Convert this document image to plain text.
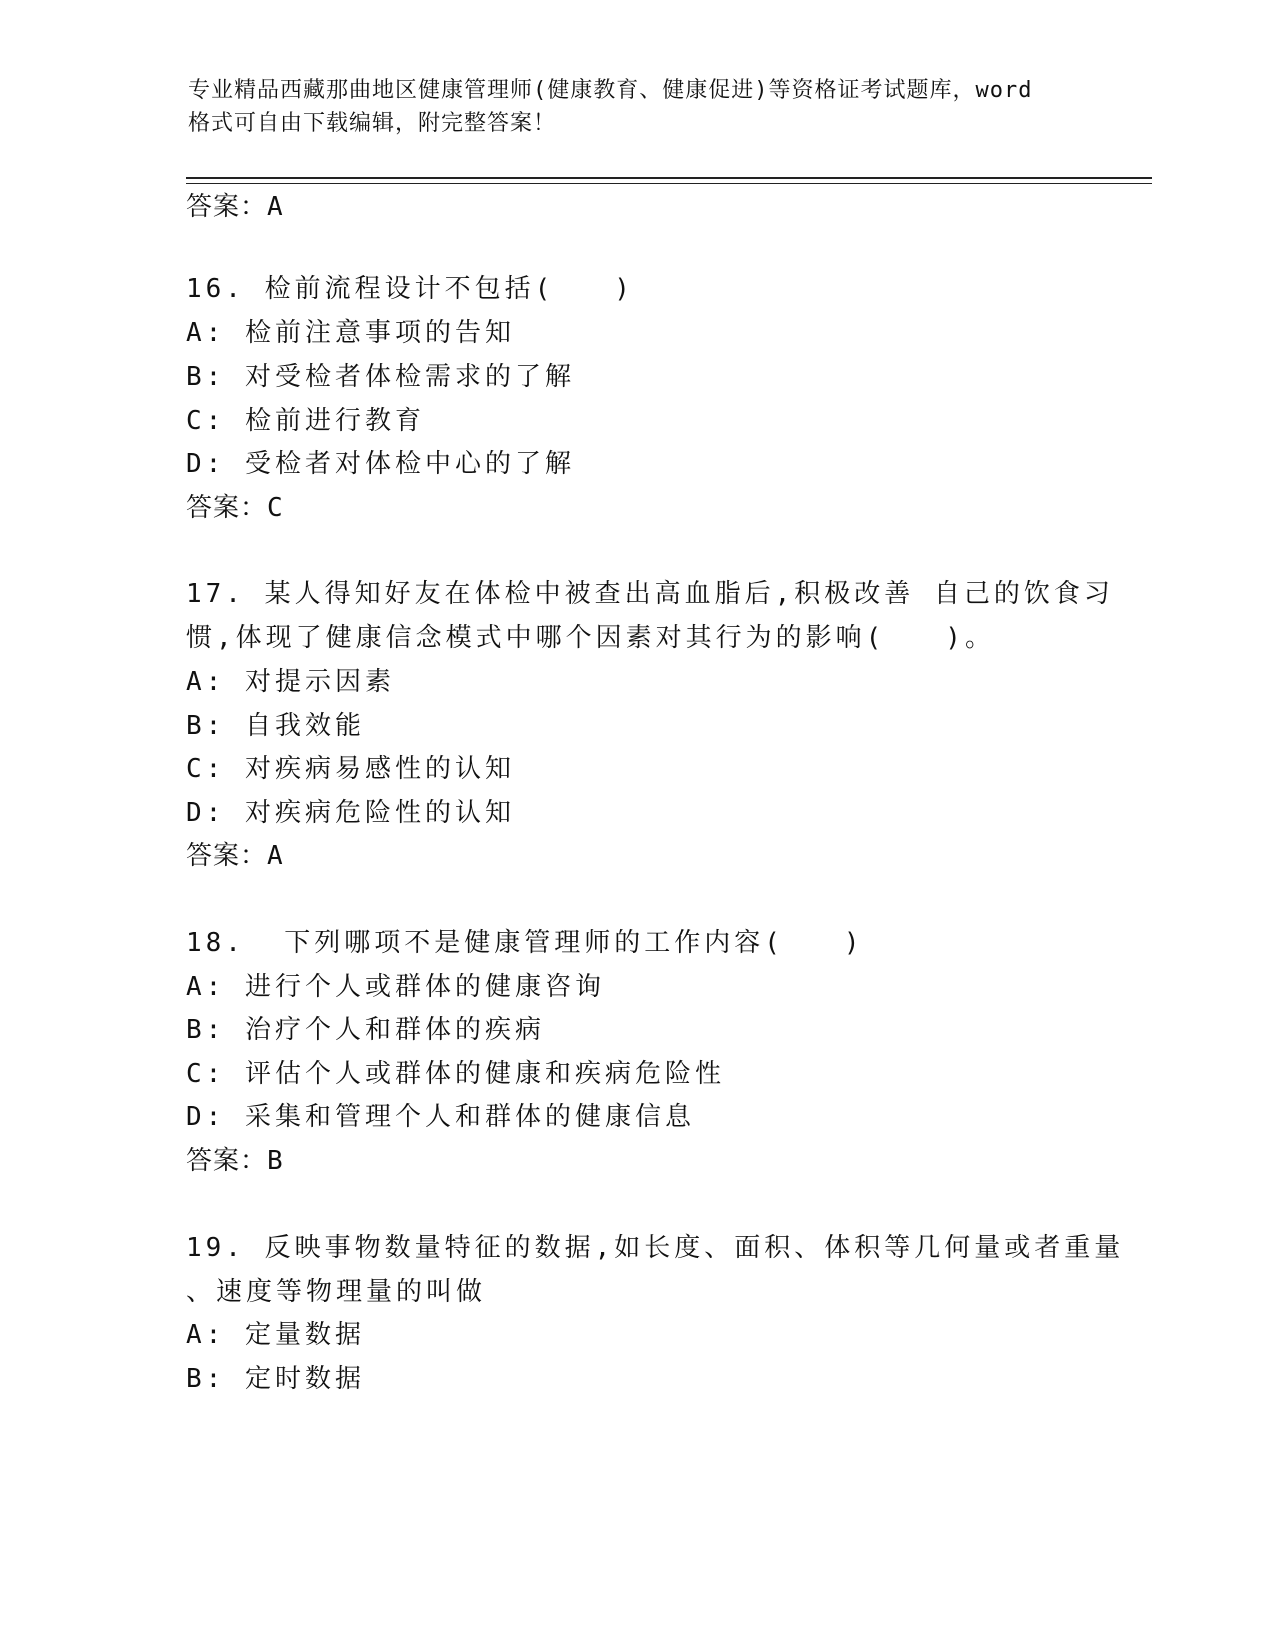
专业精品西藏那曲地区健康管理师(健康教育、健康促进)等资格证考试题库，word
格式可自由下载编辑，附完整答案！
答案：A
16. 检前流程设计不包括(　　)
A: 检前注意事项的告知
B: 对受检者体检需求的了解
C: 检前进行教育
D: 受检者对体检中心的了解
答案：C
17. 某人得知好友在体检中被查出高血脂后,积极改善 自己的饮食习
惯,体现了健康信念模式中哪个因素对其行为的影响(　　)。
A: 对提示因素
B: 自我效能
C: 对疾病易感性的认知
D: 对疾病危险性的认知
答案：A
18.  下列哪项不是健康管理师的工作内容(　　)
A: 进行个人或群体的健康咨询
B: 治疗个人和群体的疾病
C: 评估个人或群体的健康和疾病危险性
D: 采集和管理个人和群体的健康信息
答案：B
19. 反映事物数量特征的数据,如长度、面积、体积等几何量或者重量
、速度等物理量的叫做
A: 定量数据
B: 定时数据
